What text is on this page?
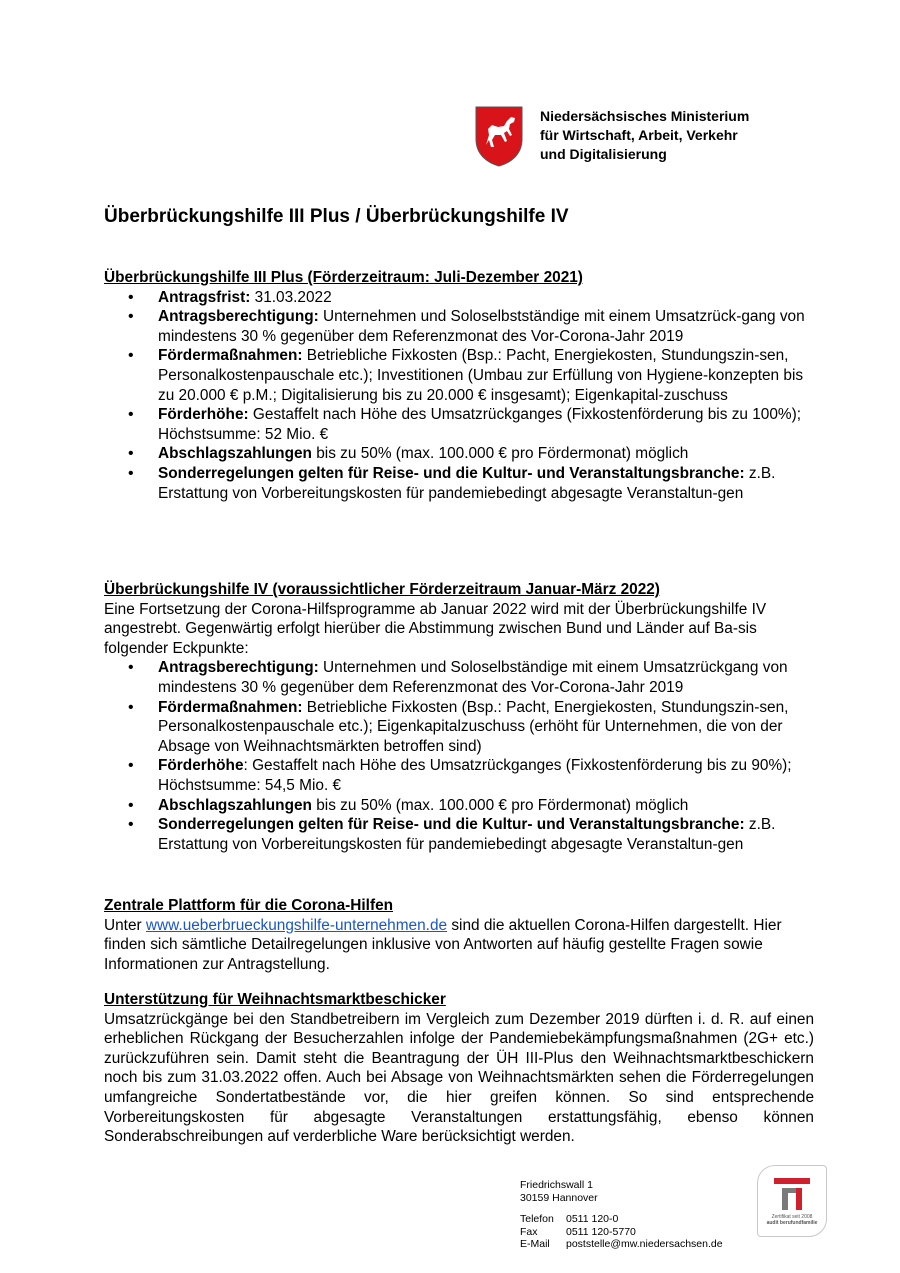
Niedersächsisches Ministerium
für Wirtschaft, Arbeit, Verkehr
und Digitalisierung
Überbrückungshilfe III Plus / Überbrückungshilfe IV
Überbrückungshilfe III Plus (Förderzeitraum: Juli-Dezember 2021)
• Antragsfrist: 31.03.2022
• Antragsberechtigung: Unternehmen und Soloselbstständige mit einem Umsatzrück-gang von mindestens 30 % gegenüber dem Referenzmonat des Vor-Corona-Jahr 2019
• Fördermaßnahmen: Betriebliche Fixkosten (Bsp.: Pacht, Energiekosten, Stundungszin-sen, Personalkostenpauschale etc.); Investitionen (Umbau zur Erfüllung von Hygiene-konzepten bis zu 20.000 € p.M.; Digitalisierung bis zu 20.000 € insgesamt); Eigenkapital-zuschuss
• Förderhöhe: Gestaffelt nach Höhe des Umsatzrückganges (Fixkostenförderung bis zu 100%); Höchstsumme: 52 Mio. €
• Abschlagszahlungen bis zu 50% (max. 100.000 € pro Fördermonat) möglich
• Sonderregelungen gelten für Reise- und die Kultur- und Veranstaltungsbranche: z.B. Erstattung von Vorbereitungskosten für pandemiebedingt abgesagte Veranstaltun-gen
Überbrückungshilfe IV (voraussichtlicher Förderzeitraum Januar-März 2022)
Eine Fortsetzung der Corona-Hilfsprogramme ab Januar 2022 wird mit der Überbrückungshilfe IV angestrebt. Gegenwärtig erfolgt hierüber die Abstimmung zwischen Bund und Länder auf Ba-sis folgender Eckpunkte:
• Antragsberechtigung: Unternehmen und Soloselbständige mit einem Umsatzrückgang von mindestens 30 % gegenüber dem Referenzmonat des Vor-Corona-Jahr 2019
• Fördermaßnahmen: Betriebliche Fixkosten (Bsp.: Pacht, Energiekosten, Stundungszin-sen, Personalkostenpauschale etc.); Eigenkapitalzuschuss (erhöht für Unternehmen, die von der Absage von Weihnachtsmärkten betroffen sind)
• Förderhöhe: Gestaffelt nach Höhe des Umsatzrückganges (Fixkostenförderung bis zu 90%); Höchstsumme: 54,5 Mio. €
• Abschlagszahlungen bis zu 50% (max. 100.000 € pro Fördermonat) möglich
• Sonderregelungen gelten für Reise- und die Kultur- und Veranstaltungsbranche: z.B. Erstattung von Vorbereitungskosten für pandemiebedingt abgesagte Veranstaltun-gen
Zentrale Plattform für die Corona-Hilfen
Unter www.ueberbrueckungshilfe-unternehmen.de sind die aktuellen Corona-Hilfen dargestellt. Hier finden sich sämtliche Detailregelungen inklusive von Antworten auf häufig gestellte Fragen sowie Informationen zur Antragstellung.
Unterstützung für Weihnachtsmarktbeschicker
Umsatzrückgänge bei den Standbetreibern im Vergleich zum Dezember 2019 dürften i. d. R. auf einen erheblichen Rückgang der Besucherzahlen infolge der Pandemiebekämpfungsmaßnahmen (2G+ etc.) zurückzuführen sein. Damit steht die Beantragung der ÜH III-Plus den Weihnachtsmarktbeschickern noch bis zum 31.03.2022 offen. Auch bei Absage von Weihnachtsmärkten sehen die Förderregelungen umfangreiche Sondertatbestände vor, die hier greifen können. So sind entsprechende Vorbereitungskosten für abgesagte Veranstaltungen erstattungsfähig, ebenso können Sonderabschreibungen auf verderbliche Ware berücksichtigt werden.
Friedrichswall 1
30159 Hannover
Telefon 0511 120-0
Fax	0511 120-5770
E-Mail poststelle@mw.niedersachsen.de
Zertifikat seit 2008
audit berufundfamilie
